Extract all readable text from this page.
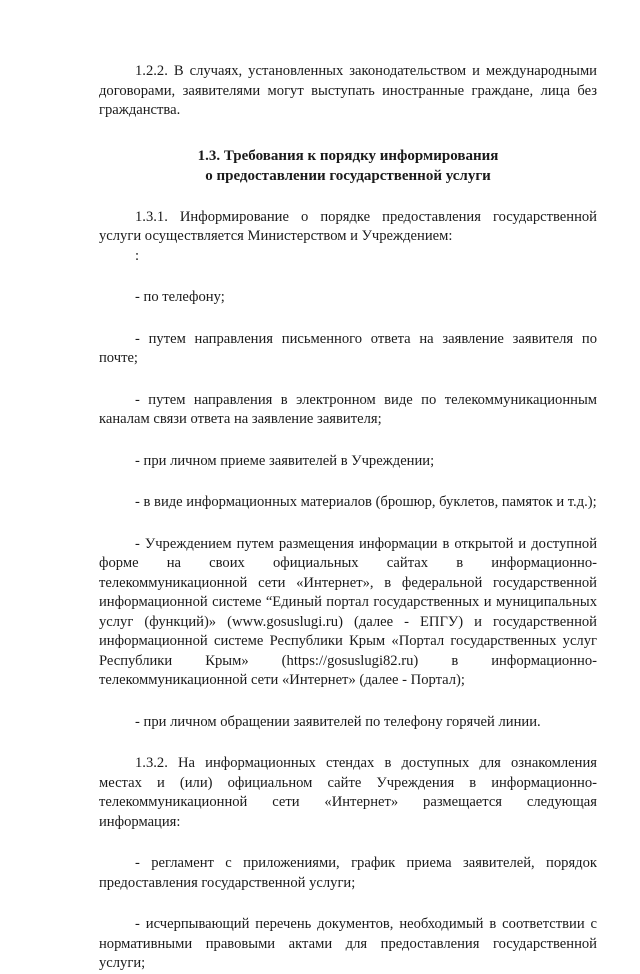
1.2.2. В случаях, установленных законодательством и международными договорами, заявителями могут выступать иностранные граждане, лица без гражданства.

1.3. Требования к порядку информирования

о предоставлении государственной услуги

1.3.1. Информирование о порядке предоставления государственной услуги осуществляется Министерством и Учреждением:

:

- по телефону;

- путем направления письменного ответа на заявление заявителя по почте;

- путем направления в электронном виде по телекоммуникационным каналам связи ответа на заявление заявителя;

- при личном приеме заявителей в Учреждении;

- в виде информационных материалов (брошюр, буклетов, памяток и т.д.);

- Учреждением путем размещения информации в открытой и доступной форме на своих официальных сайтах в информационно-телекоммуникационной сети «Интернет», в федеральной государственной информационной системе “Единый портал государственных и муниципальных услуг (функций)» (www.gosuslugi.ru) (далее - ЕПГУ) и государственной информационной системе Республики Крым «Портал государственных услуг Республики Крым» (https://gosuslugi82.ru) в информационно-телекоммуникационной сети «Интернет» (далее - Портал);

- при личном обращении заявителей по телефону горячей линии.

1.3.2. На информационных стендах в доступных для ознакомления местах и (или) официальном сайте Учреждения в информационно-телекоммуникационной сети «Интернет» размещается следующая информация:

- регламент с приложениями, график приема заявителей, порядок предоставления государственной услуги;

- исчерпывающий перечень документов, необходимый в соответствии с нормативными правовыми актами для предоставления государственной услуги;
